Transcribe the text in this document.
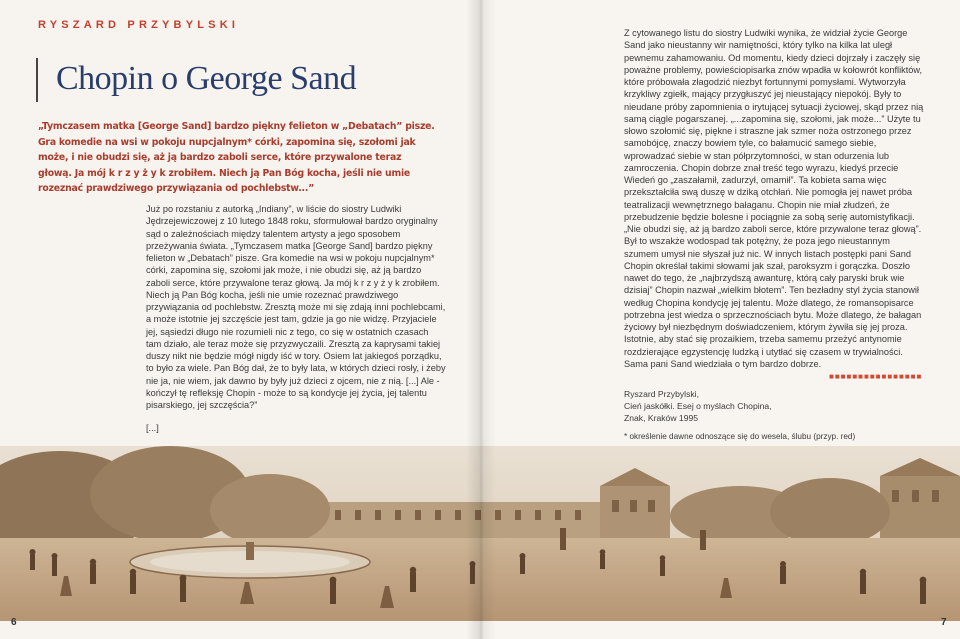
RYSZARD PRZYBYLSKI
Chopin o George Sand

„Tymczasem matka [George Sand] bardzo piękny felieton w „Debatach” pisze. Gra komedie na wsi w pokoju nupcjalnym* córki, zapomina się, szołomi jak może, i nie obudzi się, aż ją bardzo zaboli serce, które przywalone teraz głową. Ja mój k r z y ż y k zrobiłem. Niech ją Pan Bóg kocha, jeśli nie umie rozeznać prawdziwego przywiązania od pochlebstw...”

Już po rozstaniu z autorką „Indiany”, w liście do siostry Ludwiki Jędrzejewiczowej z 10 lutego 1848 roku, sformułował bardzo oryginalny sąd o zależnościach między talentem artysty a jego sposobem przeżywania świata. „Tymczasem matka [George Sand] bardzo piękny felieton w „Debatach” pisze. Gra komedie na wsi w pokoju nupcjalnym* córki, zapomina się, szołomi jak może, i nie obudzi się, aż ją bardzo zaboli serce, które przywalone teraz głową. Ja mój k r z y ż y k zrobiłem. Niech ją Pan Bóg kocha, jeśli nie umie rozeznać prawdziwego przywiązania od pochlebstw. Zresztą może mi się zdają inni pochlebcami, a może istotnie jej szczęście jest tam, gdzie ja go nie widzę. Przyjaciele jej, sąsiedzi długo nie rozumieli nic z tego, co się w ostatnich czasach tam działo, ale teraz może się przyzwyczaili. Zresztą za kaprysami takiej duszy nikt nie będzie mógł nigdy iść w tory. Osiem lat jakiegoś porządku, to było za wiele. Pan Bóg dał, że to były lata, w których dzieci rosły, i żeby nie ja, nie wiem, jak dawno by były już dzieci z ojcem, nie z nią. [...] Ale - kończył tę refleksję Chopin - może to są kondycje jej życia, jej talentu pisarskiego, jej szczęścia?”

[...]

Z cytowanego listu do siostry Ludwiki wynika, że widział życie George Sand jako nieustanny wir namiętności, który tylko na kilka lat uległ pewnemu zahamowaniu. Od momentu, kiedy dzieci dojrzały i zaczęły się poważne problemy, powieściopisarka znów wpadła w kołowrót konfliktów, które próbowała złagodzić niezbyt fortunnymi pomysłami. Wytworzyła krzykliwy zgiełk, mający przygłuszyć jej nieustający niepokój. Były to nieudane próby zapomnienia o irytującej sytuacji życiowej, skąd przez nią samą ciągle pogarszanej. „...zapomina się, szołomi, jak może...” Użyte tu słowo szołomić się, piękne i straszne jak szmer noża ostrzonego przez samobójcę, znaczy bowiem tyle, co bałamucić samego siebie, wprowadzać siebie w stan półprzytomności, w stan odurzenia lub zamroczenia. Chopin dobrze znał treść tego wyrazu, kiedyś przecie Wiedeń go „zaszałamił, zadurzył, omamił”. Ta kobieta sama więc przekształciła swą duszę w dziką otchłań. Nie pomogła jej nawet próba teatralizacji wewnętrznego bałaganu. Chopin nie miał złudzeń, że przebudzenie będzie bolesne i pociągnie za sobą serię automistyfikacji. „Nie obudzi się, aż ją bardzo zaboli serce, które przywalone teraz głową”. Był to wszakże wodospad tak potężny, że poza jego nieustannym szumem umysł nie słyszał już nic. W innych listach postępki pani Sand Chopin określał takimi słowami jak szał, paroksyzm i gorączka. Doszło nawet do tego, że „najbrzydszą awanturę, którą cały paryski bruk wie dzisiaj” Chopin nazwał „wielkim błotem”. Ten bezładny styl życia stanowił według Chopina kondycję jej talentu. Może dlatego, że romansopisarce potrzebna jest wiedza o sprzecznościach bytu. Może dlatego, że bałagan życiowy był niezbędnym doświadczeniem, którym żywiła się jej proza. Istotnie, aby stać się prozaikiem, trzeba samemu przeżyć antynomie rozdzierające egzystencję ludzką i utytłać się czasem w trywialności. Sama pani Sand wiedziała o tym bardzo dobrze.

■■■■■■■■■■■■■■■■

Ryszard Przybylski,
Cień jaskółki. Esej o myślach Chopina,
Znak, Kraków 1995

* określenie dawne odnoszące się do wesela, ślubu (przyp. red)
6	7
